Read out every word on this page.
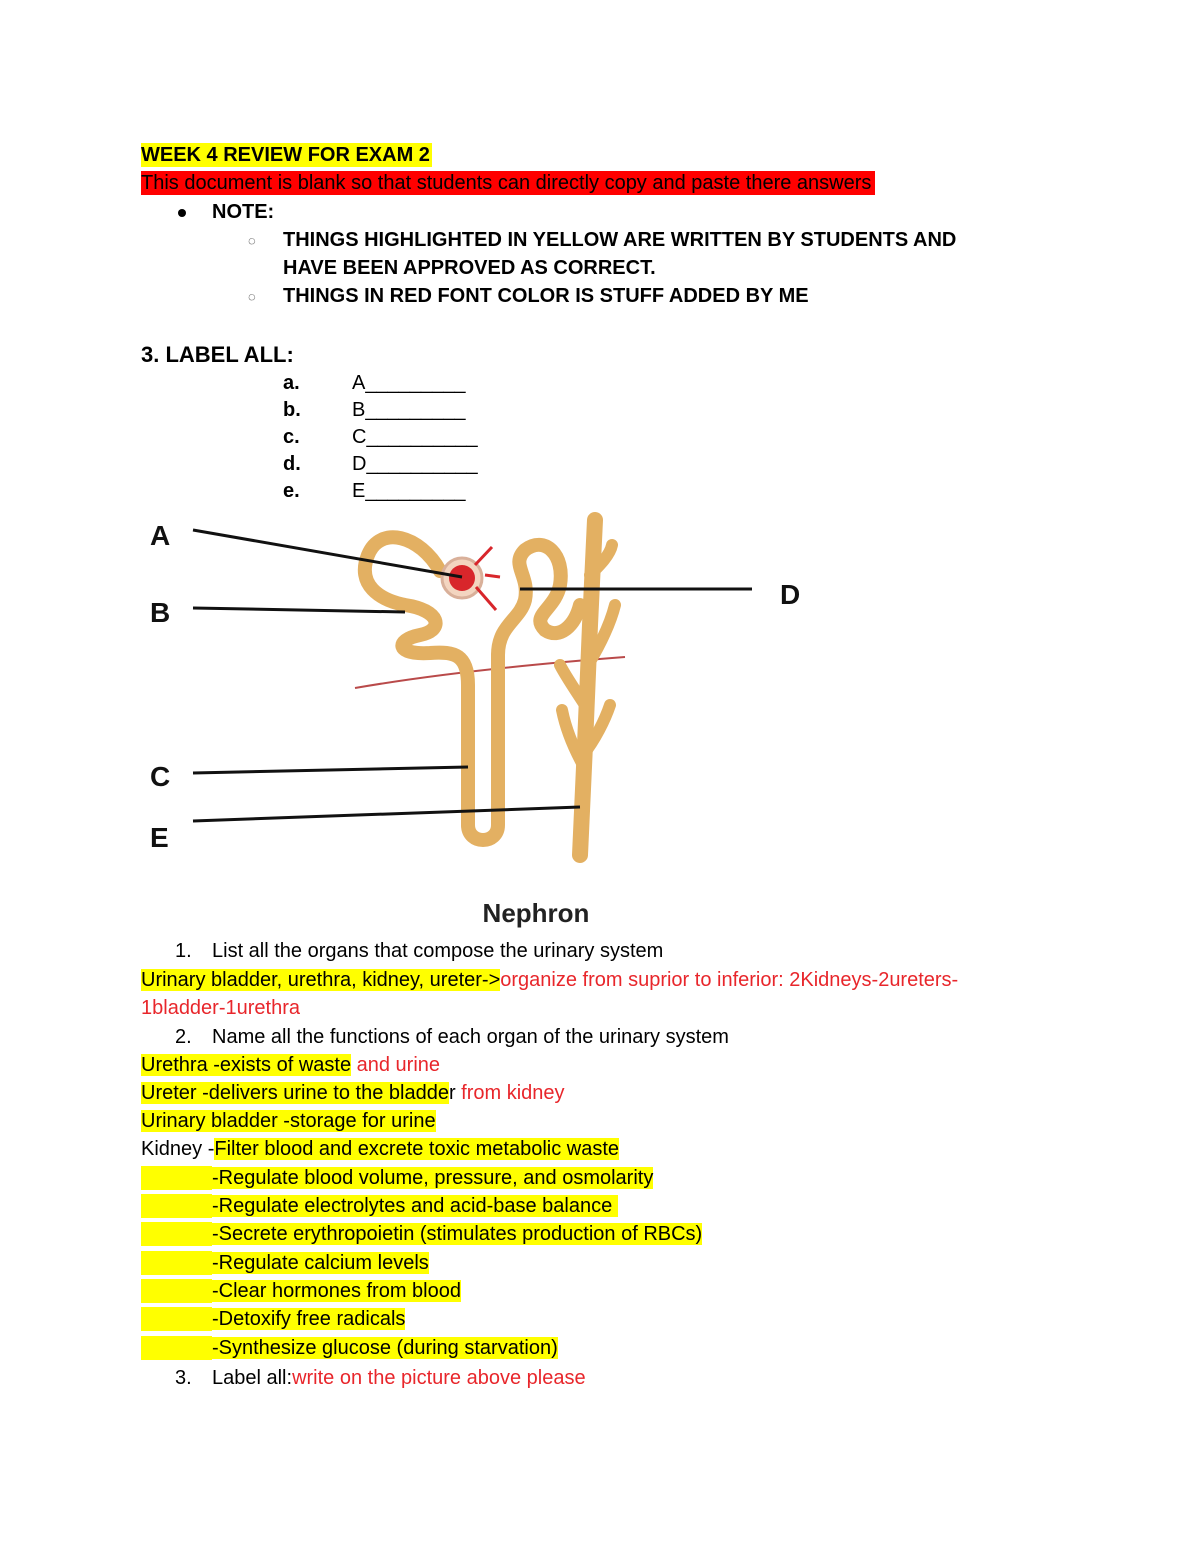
WEEK 4 REVIEW FOR EXAM 2
This document is blank so that students can directly copy and paste there answers
NOTE:
◌ THINGS HIGHLIGHTED IN YELLOW ARE WRITTEN BY STUDENTS AND
HAVE BEEN APPROVED AS CORRECT.
◌ THINGS IN RED FONT COLOR IS STUFF ADDED BY ME
3. LABEL ALL:
a.	A_________
b.	B_________
c.	C__________
d.	D__________
e.	E_________
A
B
C
D
E
Nephron
1. List all the organs that compose the urinary system
Urinary bladder, urethra, kidney, ureter->organize from suprior to inferior: 2Kidneys-2ureters-
1bladder-1urethra
2. Name all the functions of each organ of the urinary system
Urethra -exists of waste and urine
Ureter -delivers urine to the bladder from kidney
Urinary bladder -storage for urine
Kidney -Filter blood and excrete toxic metabolic waste
-Regulate blood volume, pressure, and osmolarity
-Regulate electrolytes and acid-base balance
-Secrete erythropoietin (stimulates production of RBCs)
-Regulate calcium levels
-Clear hormones from blood
-Detoxify free radicals
-Synthesize glucose (during starvation)
3. Label all:write on the picture above please
